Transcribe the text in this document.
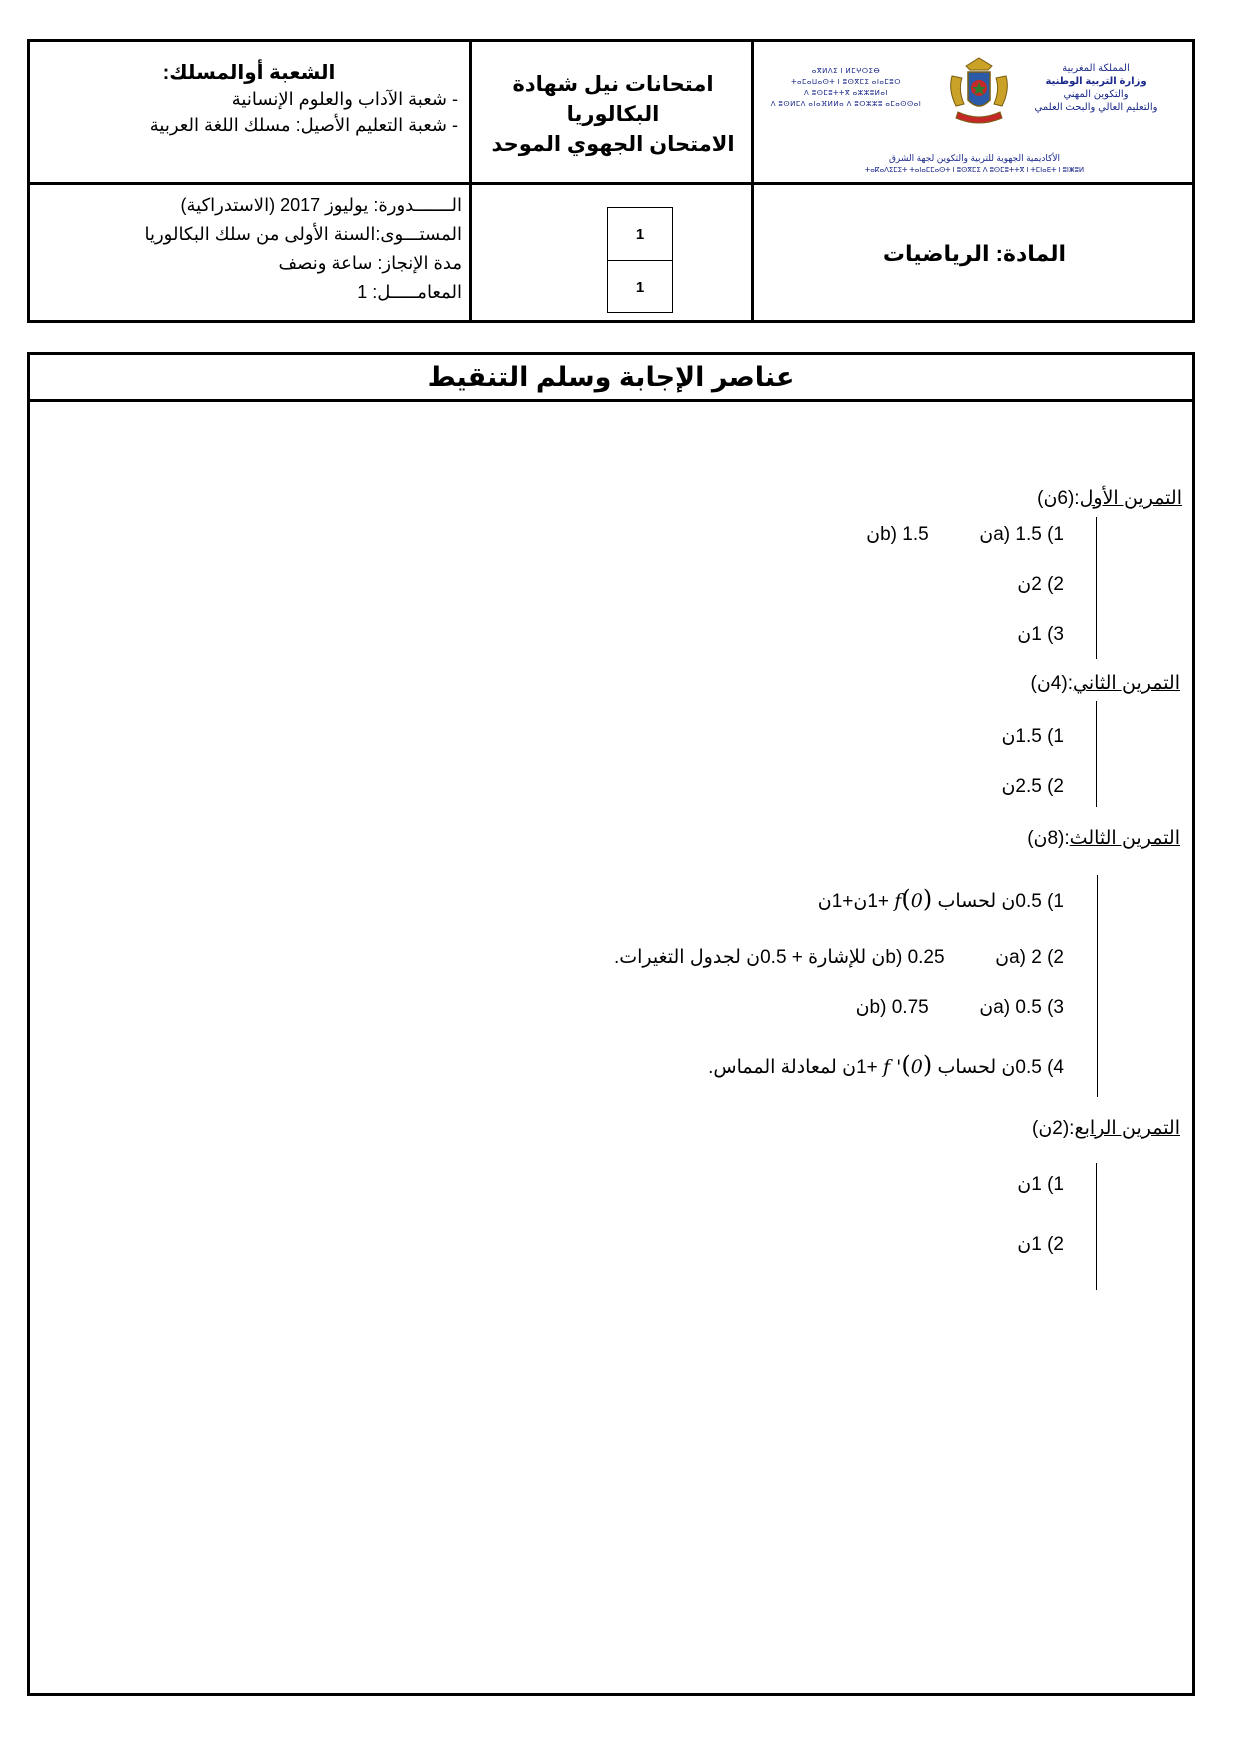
المملكة المغربية
وزارة التربية الوطنية
والتكوين المهني
والتعليم العالي والبحث العلمي
ⴰⴳⵍⴷⵉ ⵏ ⵍⵎⵖⵔⵉⴱ
ⵜⴰⵎⴰⵡⴰⵙⵜ ⵏ ⵓⵙⴳⵎⵉ ⴰⵏⴰⵎⵓⵔ
ⴷ ⵓⵙⵎⵓⵜⵜⴳ ⴰⵣⵣⵓⵍⴰⵏ
ⴷ ⵓⵙⵍⵎⴷ ⴰⵏⴰⴼⵍⵍⴰ ⴷ ⵓⵔⵣⵣⵓ ⴰⵎⴰⵙⵙⴰⵏ
الأكاديمية الجهوية للتربية والتكوين لجهة الشرق
ⵜⴰⴽⴰⴷⵉⵎⵉⵜ ⵜⴰⵏⴰⵎⵎⴰⵙⵜ ⵏ ⵓⵙⴳⵎⵉ ⴷ ⵓⵙⵎⵓⵜⵜⴳ ⵏ ⵜⵎⵏⴰⴹⵜ ⵏ ⵓⵏⵥⵓⵍ
امتحانات نيل شهادة
البكالوريا
الامتحان الجهوي الموحد
الشعبة أوالمسلك:
- شعبة الآداب والعلوم الإنسانية
- شعبة التعليم الأصيل: مسلك اللغة العربية
المادة: الرياضيات
1
1
الـــــــدورة: يوليوز 2017 (الاستدراكية)
المستـــوى:السنة الأولى من سلك البكالوريا
مدة الإنجاز: ساعة ونصف
المعامـــــل: 1
عناصر الإجابة وسلم التنقيط
التمرين الأول:(6ن)
1) a) 1.5ن  b) 1.5ن
2) 2ن
3) 1ن
التمرين الثاني:(4ن)
1) 1.5ن
2) 2.5ن
التمرين الثالث:(8ن)
1) 0.5ن لحساب f(0) +1ن+1ن
2) a) 2ن  b) 0.25ن للإشارة + 0.5ن لجدول التغيرات.
3) a) 0.5ن  b) 0.75ن
4) 0.5ن لحساب f '(0) +1ن لمعادلة المماس.
التمرين الرابع:(2ن)
1) 1ن
2) 1ن
